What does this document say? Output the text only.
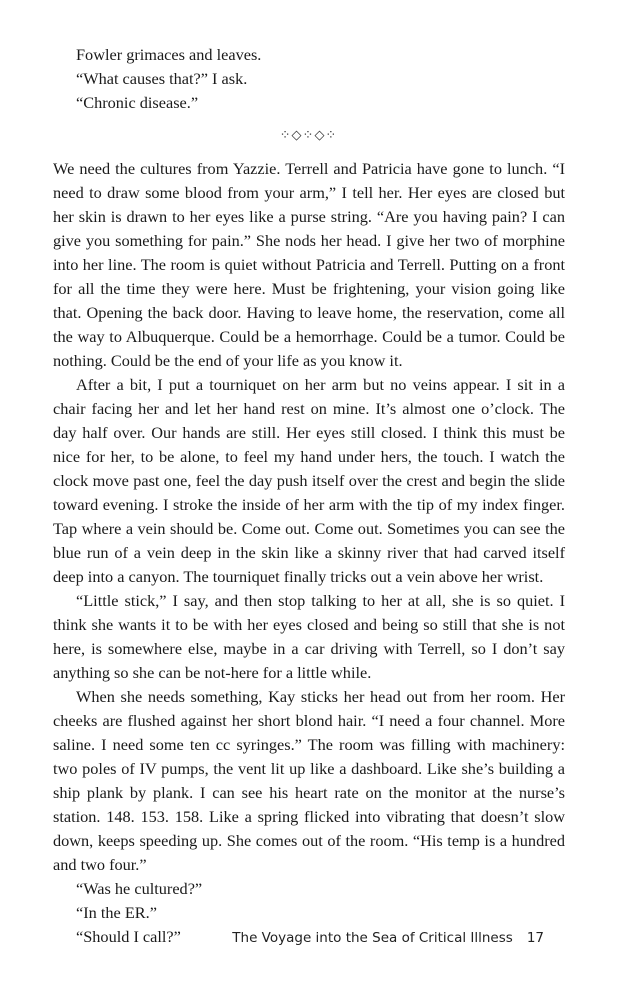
Fowler grimaces and leaves.

“What causes that?” I ask.

“Chronic disease.”

⁘◇⁘◇⁘

We need the cultures from Yazzie. Terrell and Patricia have gone to lunch. “I need to draw some blood from your arm,” I tell her. Her eyes are closed but her skin is drawn to her eyes like a purse string. “Are you having pain? I can give you something for pain.” She nods her head. I give her two of morphine into her line. The room is quiet without Patricia and Terrell. Putting on a front for all the time they were here. Must be frightening, your vision going like that. Opening the back door. Having to leave home, the reservation, come all the way to Albuquerque. Could be a hemorrhage. Could be a tumor. Could be nothing. Could be the end of your life as you know it.

After a bit, I put a tourniquet on her arm but no veins appear. I sit in a chair facing her and let her hand rest on mine. It’s almost one o’clock. The day half over. Our hands are still. Her eyes still closed. I think this must be nice for her, to be alone, to feel my hand under hers, the touch. I watch the clock move past one, feel the day push itself over the crest and begin the slide toward evening. I stroke the inside of her arm with the tip of my index finger. Tap where a vein should be. Come out. Come out. Sometimes you can see the blue run of a vein deep in the skin like a skinny river that had carved itself deep into a canyon. The tourniquet finally tricks out a vein above her wrist.

“Little stick,” I say, and then stop talking to her at all, she is so quiet. I think she wants it to be with her eyes closed and being so still that she is not here, is somewhere else, maybe in a car driving with Terrell, so I don’t say anything so she can be not-here for a little while.

When she needs something, Kay sticks her head out from her room. Her cheeks are flushed against her short blond hair. “I need a four channel. More saline. I need some ten cc syringes.” The room was filling with machinery: two poles of IV pumps, the vent lit up like a dashboard. Like she’s building a ship plank by plank. I can see his heart rate on the monitor at the nurse’s station. 148. 153. 158. Like a spring flicked into vibrating that doesn’t slow down, keeps speeding up. She comes out of the room. “His temp is a hundred and two four.”

“Was he cultured?”

“In the ER.”

“Should I call?”	The Voyage into the Sea of Critical Illness 17
